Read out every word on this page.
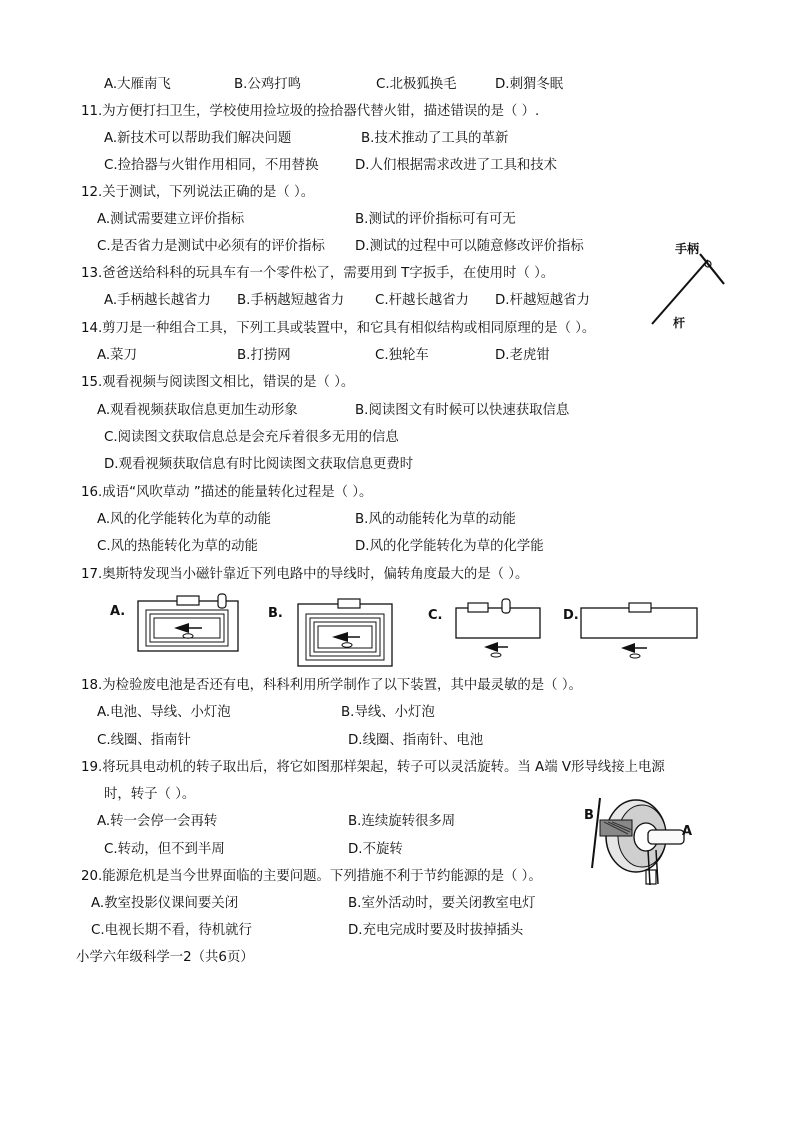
A.大雁南飞	B.公鸡打鸣	C.北极狐换毛	D.刺猬冬眠
11.为方便打扫卫生，学校使用捡垃圾的捡拾器代替火钳，描述错误的是（ ）.
A.新技术可以帮助我们解决问题	B.技术推动了工具的革新
C.捡拾器与火钳作用相同，不用替换	D.人们根据需求改进了工具和技术
12.关于测试，下列说法正确的是（ ）。
A.测试需要建立评价指标	B.测试的评价指标可有可无
C.是否省力是测试中必须有的评价指标 D.测试的过程中可以随意修改评价指标
13.爸爸送给科科的玩具车有一个零件松了，需要用到 T字扳手，在使用时（ ）。
A.手柄越长越省力 B.手柄越短越省力 C.杆越长越省力 D.杆越短越省力
手柄
杆
14.剪刀是一种组合工具，下列工具或装置中，和它具有相似结构或相同原理的是（ ）。
A.菜刀	B.打捞网	C.独轮车	D.老虎钳
15.观看视频与阅读图文相比，错误的是（ ）。
A.观看视频获取信息更加生动形象	B.阅读图文有时候可以快速获取信息
C.阅读图文获取信息总是会充斥着很多无用的信息
D.观看视频获取信息有时比阅读图文获取信息更费时
16.成语“风吹草动 ”描述的能量转化过程是（ ）。
A.风的化学能转化为草的动能	B.风的动能转化为草的动能
C.风的热能转化为草的动能	D.风的化学能转化为草的化学能
17.奥斯特发现当小磁针靠近下列电路中的导线时，偏转角度最大的是（ ）。
A.	B.	C.	D.
18.为检验废电池是否还有电，科科利用所学制作了以下装置，其中最灵敏的是（ ）。
A.电池、导线、小灯泡	B.导线、小灯泡
C.线圈、指南针	D.线圈、指南针、电池
19.将玩具电动机的转子取出后，将它如图那样架起，转子可以灵活旋转。当 A端 V形导线接上电源
时，转子（ ）。
A.转一会停一会再转	B.连续旋转很多周
C.转动，但不到半周	D.不旋转
B
A
20.能源危机是当今世界面临的主要问题。下列措施不利于节约能源的是（ ）。
A.教室投影仪课间要关闭	B.室外活动时，要关闭教室电灯
C.电视长期不看，待机就行	D.充电完成时要及时拔掉插头
小学六年级科学一2（共6页）
